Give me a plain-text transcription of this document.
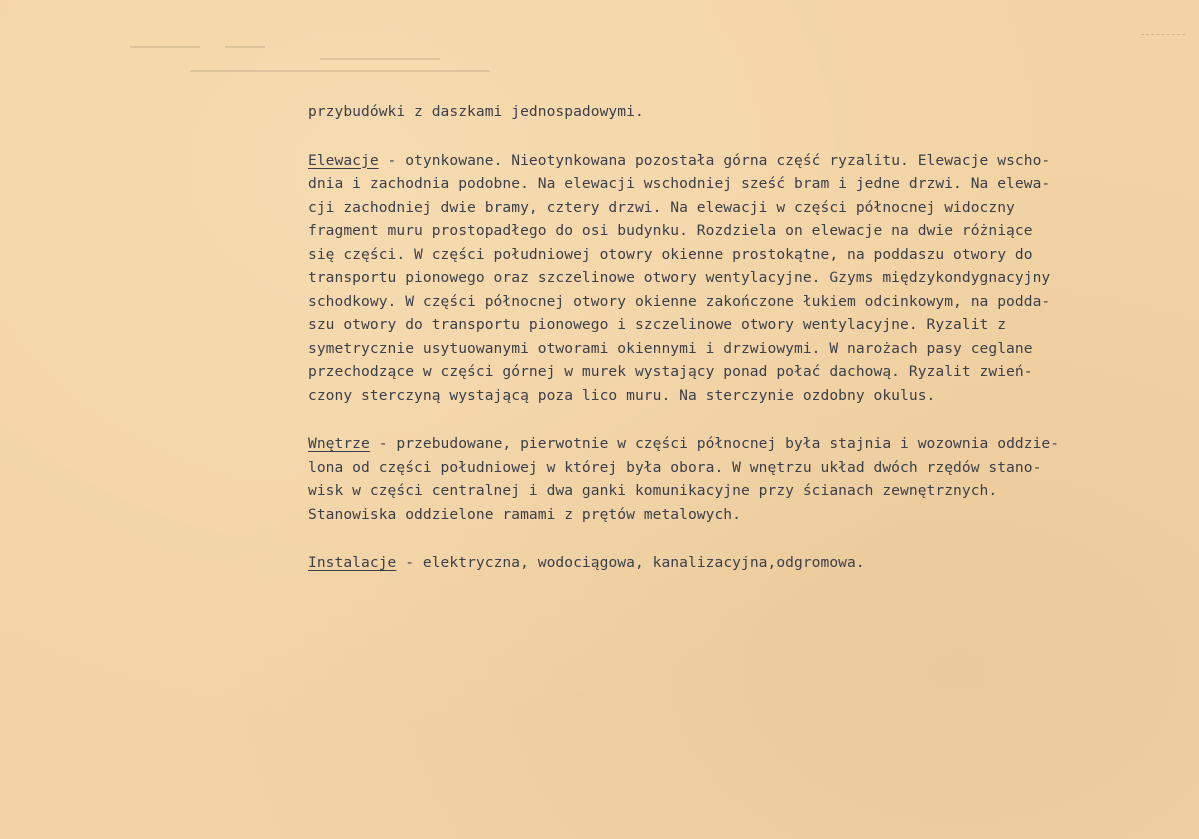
przybudówki z daszkami jednospadowymi.

Elewacje - otynkowane. Nieotynkowana pozostała górna część ryzalitu. Elewacje wscho-
dnia i zachodnia podobne. Na elewacji wschodniej sześć bram i jedne drzwi. Na elewa-
cji zachodniej dwie bramy, cztery drzwi. Na elewacji w części północnej widoczny
fragment muru prostopadłego do osi budynku. Rozdziela on elewacje na dwie różniące
się części. W części południowej otowry okienne prostokątne, na poddaszu otwory do
transportu pionowego oraz szczelinowe otwory wentylacyjne. Gzyms międzykondygnacyjny
schodkowy. W części północnej otwory okienne zakończone łukiem odcinkowym, na podda-
szu otwory do transportu pionowego i szczelinowe otwory wentylacyjne. Ryzalit z
symetrycznie usytuowanymi otworami okiennymi i drzwiowymi. W narożach pasy ceglane
przechodzące w części górnej w murek wystający ponad połać dachową. Ryzalit zwień-
czony sterczyną wystającą poza lico muru. Na sterczynie ozdobny okulus.

Wnętrze - przebudowane, pierwotnie w części północnej była stajnia i wozownia oddzie-
lona od części południowej w której była obora. W wnętrzu układ dwóch rzędów stano-
wisk w części centralnej i dwa ganki komunikacyjne przy ścianach zewnętrznych.
Stanowiska oddzielone ramami z prętów metalowych.

Instalacje - elektryczna, wodociągowa, kanalizacyjna,odgromowa.
